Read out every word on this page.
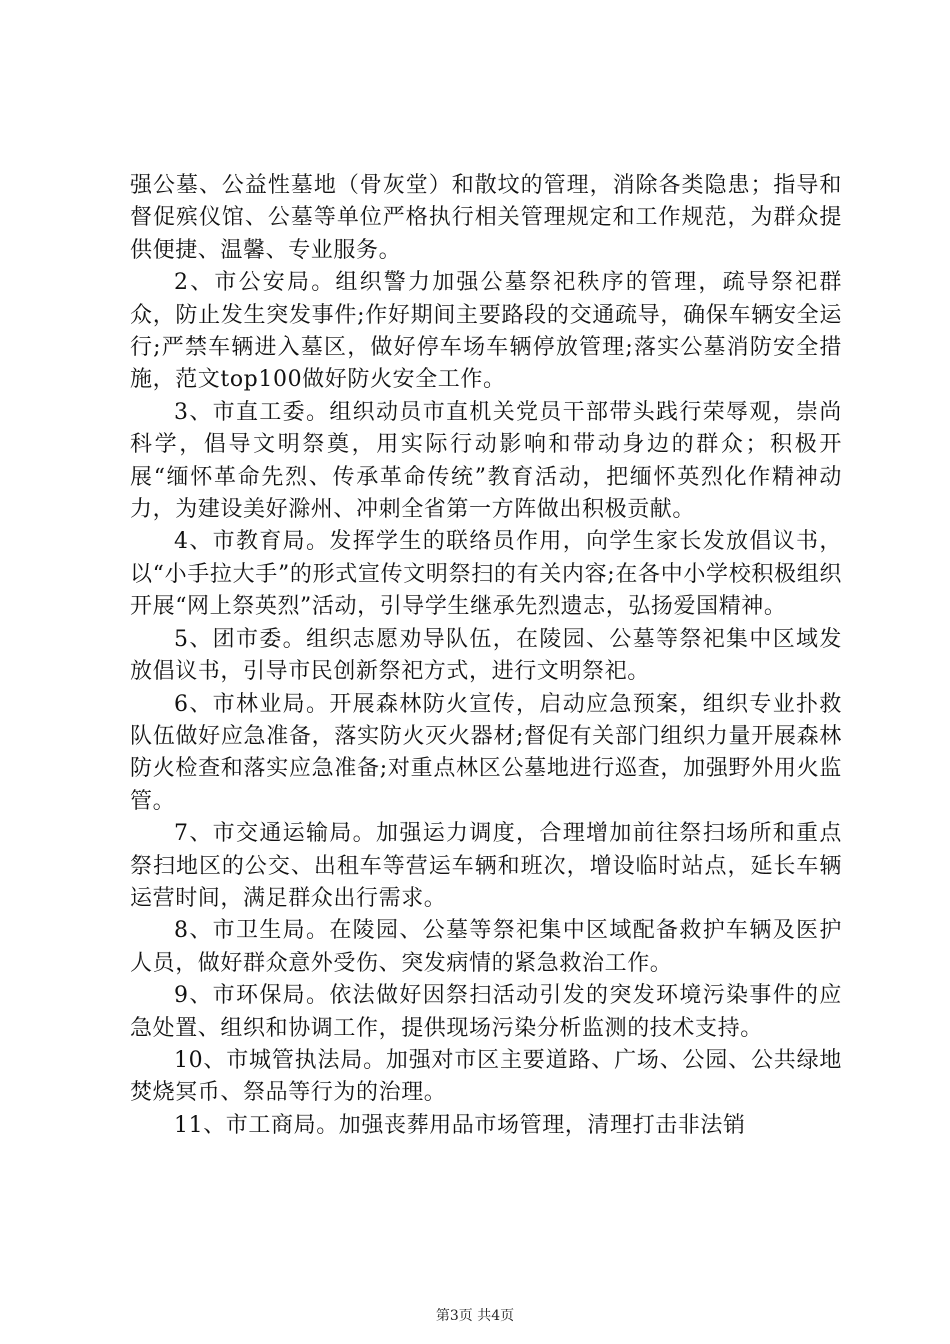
强公墓、公益性墓地（骨灰堂）和散坟的管理，消除各类隐患；指导和督促殡仪馆、公墓等单位严格执行相关管理规定和工作规范，为群众提供便捷、温馨、专业服务。

2、市公安局。组织警力加强公墓祭祀秩序的管理，疏导祭祀群众，防止发生突发事件;作好期间主要路段的交通疏导，确保车辆安全运行;严禁车辆进入墓区，做好停车场车辆停放管理;落实公墓消防安全措施，范文top100做好防火安全工作。

3、市直工委。组织动员市直机关党员干部带头践行荣辱观，崇尚科学，倡导文明祭奠，用实际行动影响和带动身边的群众；积极开展“缅怀革命先烈、传承革命传统”教育活动，把缅怀英烈化作精神动力，为建设美好滁州、冲刺全省第一方阵做出积极贡献。

4、市教育局。发挥学生的联络员作用，向学生家长发放倡议书，以“小手拉大手”的形式宣传文明祭扫的有关内容;在各中小学校积极组织开展“网上祭英烈”活动，引导学生继承先烈遗志，弘扬爱国精神。

5、团市委。组织志愿劝导队伍，在陵园、公墓等祭祀集中区域发放倡议书，引导市民创新祭祀方式，进行文明祭祀。

6、市林业局。开展森林防火宣传，启动应急预案，组织专业扑救队伍做好应急准备，落实防火灭火器材;督促有关部门组织力量开展森林防火检查和落实应急准备;对重点林区公墓地进行巡查，加强野外用火监管。

7、市交通运输局。加强运力调度，合理增加前往祭扫场所和重点祭扫地区的公交、出租车等营运车辆和班次，增设临时站点，延长车辆运营时间，满足群众出行需求。

8、市卫生局。在陵园、公墓等祭祀集中区域配备救护车辆及医护人员，做好群众意外受伤、突发病情的紧急救治工作。

9、市环保局。依法做好因祭扫活动引发的突发环境污染事件的应急处置、组织和协调工作，提供现场污染分析监测的技术支持。

10、市城管执法局。加强对市区主要道路、广场、公园、公共绿地焚烧冥币、祭品等行为的治理。

11、市工商局。加强丧葬用品市场管理，清理打击非法销

第3页 共4页
